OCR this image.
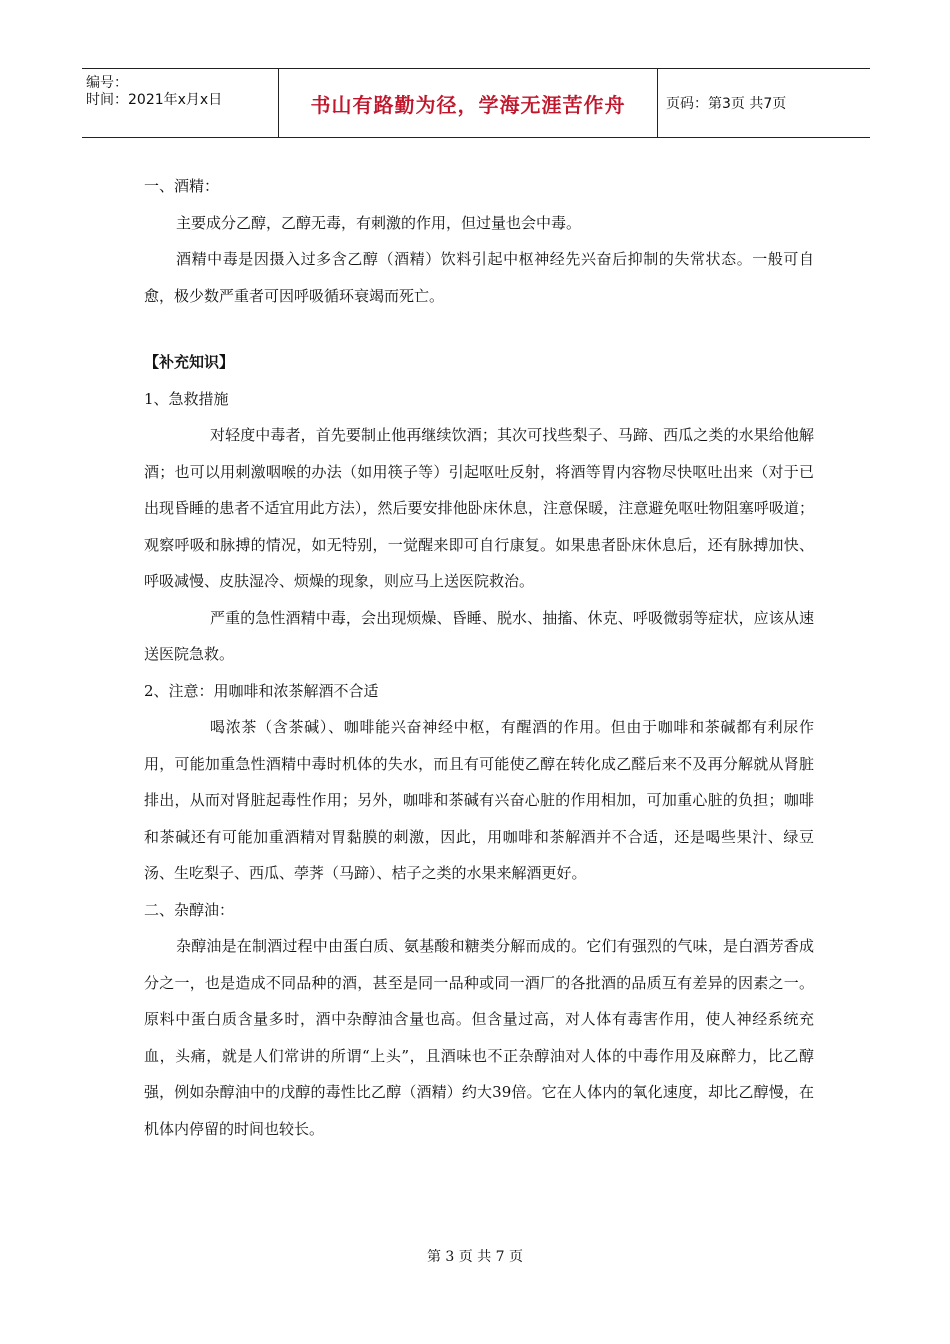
编号：
时间：2021年x月x日	书山有路勤为径，学海无涯苦作舟	页码：第3页 共7页

一、酒精：

主要成分乙醇，乙醇无毒，有刺激的作用，但过量也会中毒。

酒精中毒是因摄入过多含乙醇（酒精）饮料引起中枢神经先兴奋后抑制的失常状态。一般可自愈，极少数严重者可因呼吸循环衰竭而死亡。

【补充知识】

1、急救措施

对轻度中毒者，首先要制止他再继续饮酒；其次可找些梨子、马蹄、西瓜之类的水果给他解酒；也可以用刺激咽喉的办法（如用筷子等）引起呕吐反射，将酒等胃内容物尽快呕吐出来（对于已出现昏睡的患者不适宜用此方法），然后要安排他卧床休息，注意保暖，注意避免呕吐物阻塞呼吸道；观察呼吸和脉搏的情况，如无特别，一觉醒来即可自行康复。如果患者卧床休息后，还有脉搏加快、呼吸减慢、皮肤湿冷、烦燥的现象，则应马上送医院救治。

严重的急性酒精中毒，会出现烦燥、昏睡、脱水、抽搐、休克、呼吸微弱等症状，应该从速送医院急救。

2、注意：用咖啡和浓茶解酒不合适

喝浓茶（含茶碱）、咖啡能兴奋神经中枢，有醒酒的作用。但由于咖啡和茶碱都有利尿作用，可能加重急性酒精中毒时机体的失水，而且有可能使乙醇在转化成乙醛后来不及再分解就从肾脏排出，从而对肾脏起毒性作用；另外，咖啡和茶碱有兴奋心脏的作用相加，可加重心脏的负担；咖啡和茶碱还有可能加重酒精对胃黏膜的刺激，因此，用咖啡和茶解酒并不合适，还是喝些果汁、绿豆汤、生吃梨子、西瓜、荸荠（马蹄）、桔子之类的水果来解酒更好。

二、杂醇油：

杂醇油是在制酒过程中由蛋白质、氨基酸和糖类分解而成的。它们有强烈的气味，是白酒芳香成分之一，也是造成不同品种的酒，甚至是同一品种或同一酒厂的各批酒的品质互有差异的因素之一。原料中蛋白质含量多时，酒中杂醇油含量也高。但含量过高，对人体有毒害作用，使人神经系统充血，头痛，就是人们常讲的所谓“上头”，且酒味也不正杂醇油对人体的中毒作用及麻醉力，比乙醇强，例如杂醇油中的戊醇的毒性比乙醇（酒精）约大39倍。它在人体内的氧化速度，却比乙醇慢，在机体内停留的时间也较长。

第 3 页 共 7 页
